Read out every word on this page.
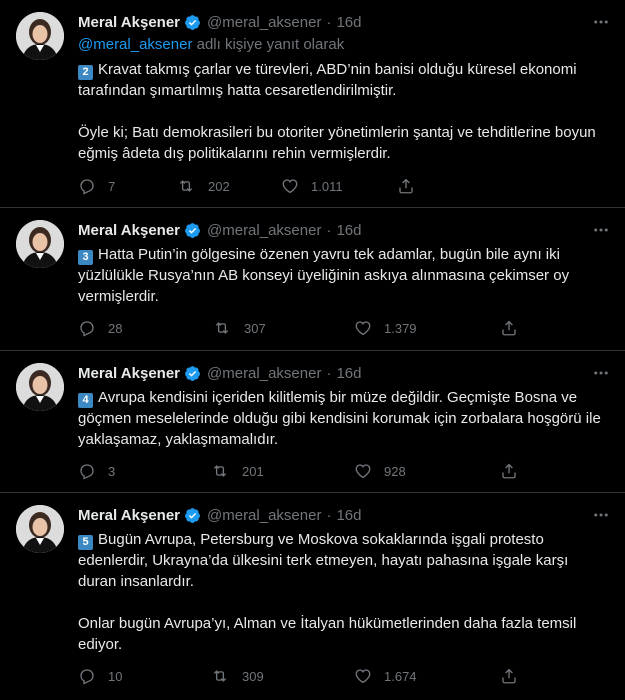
Meral Akşener @meral_aksener · 16d
@meral_aksener adlı kişiye yanıt olarak

2 Kravat takmış çarlar ve türevleri, ABD’nin banisi olduğu küresel ekonomi tarafından şımartılmış hatta cesaretlendirilmiştir.

Öyle ki; Batı demokrasileri bu otoriter yönetimlerin şantaj ve tehditlerine boyun eğmiş âdeta dış politikalarını rehin vermişlerdir.

7	202	1.011
Meral Akşener @meral_aksener · 16d

3 Hatta Putin’in gölgesine özenen yavru tek adamlar, bugün bile aynı iki yüzlülükle Rusya’nın AB konseyi üyeliğinin askıya alınmasına çekimser oy vermişlerdir.

28	307	1.379
Meral Akşener @meral_aksener · 16d

4 Avrupa kendisini içeriden kilitlemiş bir müze değildir. Geçmişte Bosna ve göçmen meselelerinde olduğu gibi kendisini korumak için zorbalara hoşgörü ile yaklaşamaz, yaklaşmamalıdır.

3	201	928
Meral Akşener @meral_aksener · 16d

5 Bugün Avrupa, Petersburg ve Moskova sokaklarında işgali protesto edenlerdir, Ukrayna’da ülkesini terk etmeyen, hayatı pahasına işgale karşı duran insanlardır.

Onlar bugün Avrupa’yı, Alman ve İtalyan hükümetlerinden daha fazla temsil ediyor.

10	309	1.674
